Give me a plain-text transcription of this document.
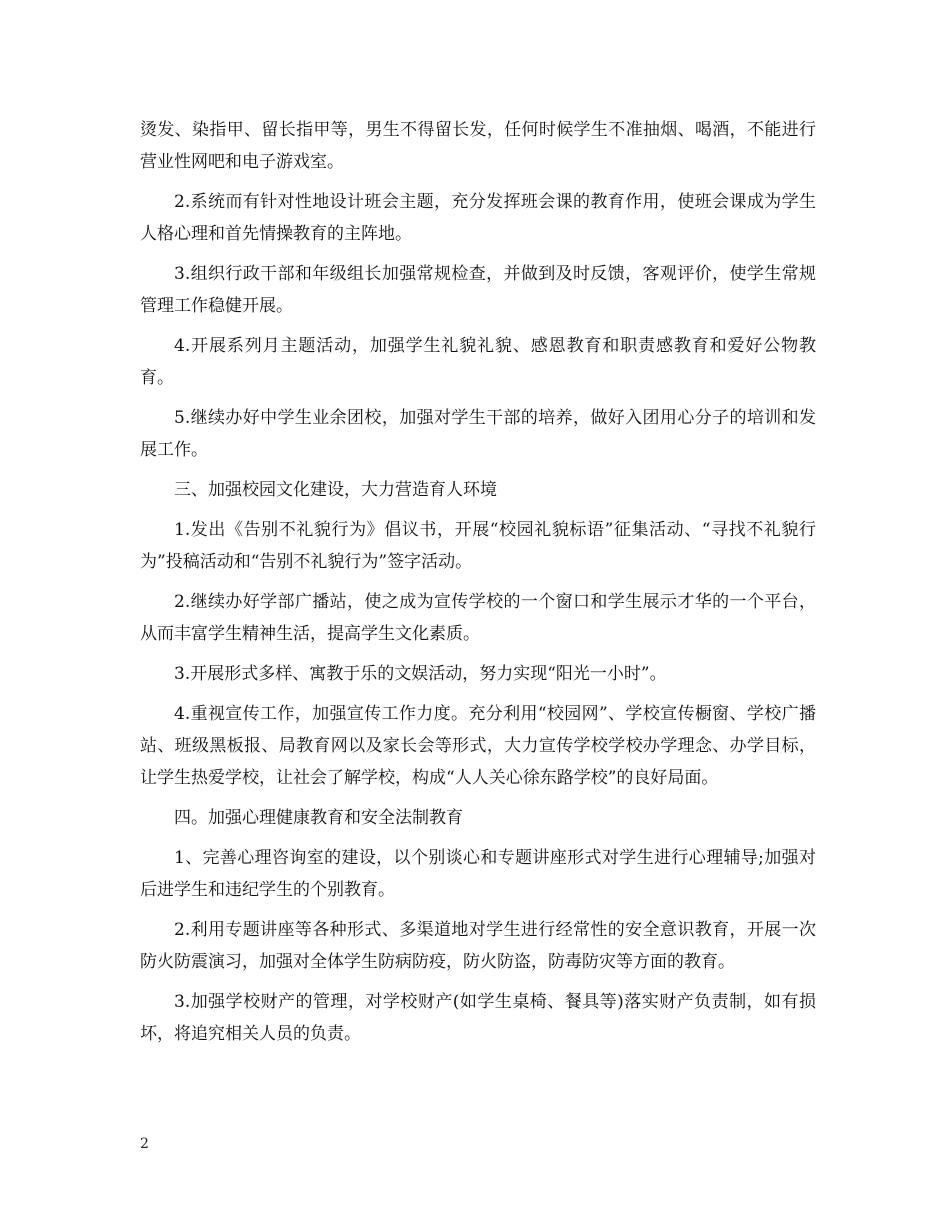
烫发、染指甲、留长指甲等，男生不得留长发，任何时候学生不准抽烟、喝酒，不能进行营业性网吧和电子游戏室。

2.系统而有针对性地设计班会主题，充分发挥班会课的教育作用，使班会课成为学生人格心理和首先情操教育的主阵地。

3.组织行政干部和年级组长加强常规检查，并做到及时反馈，客观评价，使学生常规管理工作稳健开展。

4.开展系列月主题活动，加强学生礼貌礼貌、感恩教育和职责感教育和爱好公物教育。

5.继续办好中学生业余团校，加强对学生干部的培养，做好入团用心分子的培训和发展工作。

三、加强校园文化建设，大力营造育人环境

1.发出《告别不礼貌行为》倡议书，开展“校园礼貌标语”征集活动、“寻找不礼貌行为”投稿活动和“告别不礼貌行为”签字活动。

2.继续办好学部广播站，使之成为宣传学校的一个窗口和学生展示才华的一个平台，从而丰富学生精神生活，提高学生文化素质。

3.开展形式多样、寓教于乐的文娱活动，努力实现“阳光一小时”。

4.重视宣传工作，加强宣传工作力度。充分利用“校园网”、学校宣传橱窗、学校广播站、班级黑板报、局教育网以及家长会等形式，大力宣传学校学校办学理念、办学目标，让学生热爱学校，让社会了解学校，构成“人人关心徐东路学校”的良好局面。

四。加强心理健康教育和安全法制教育

1、完善心理咨询室的建设，以个别谈心和专题讲座形式对学生进行心理辅导;加强对后进学生和违纪学生的个别教育。

2.利用专题讲座等各种形式、多渠道地对学生进行经常性的安全意识教育，开展一次防火防震演习，加强对全体学生防病防疫，防火防盗，防毒防灾等方面的教育。

3.加强学校财产的管理，对学校财产(如学生桌椅、餐具等)落实财产负责制，如有损坏，将追究相关人员的负责。

2
